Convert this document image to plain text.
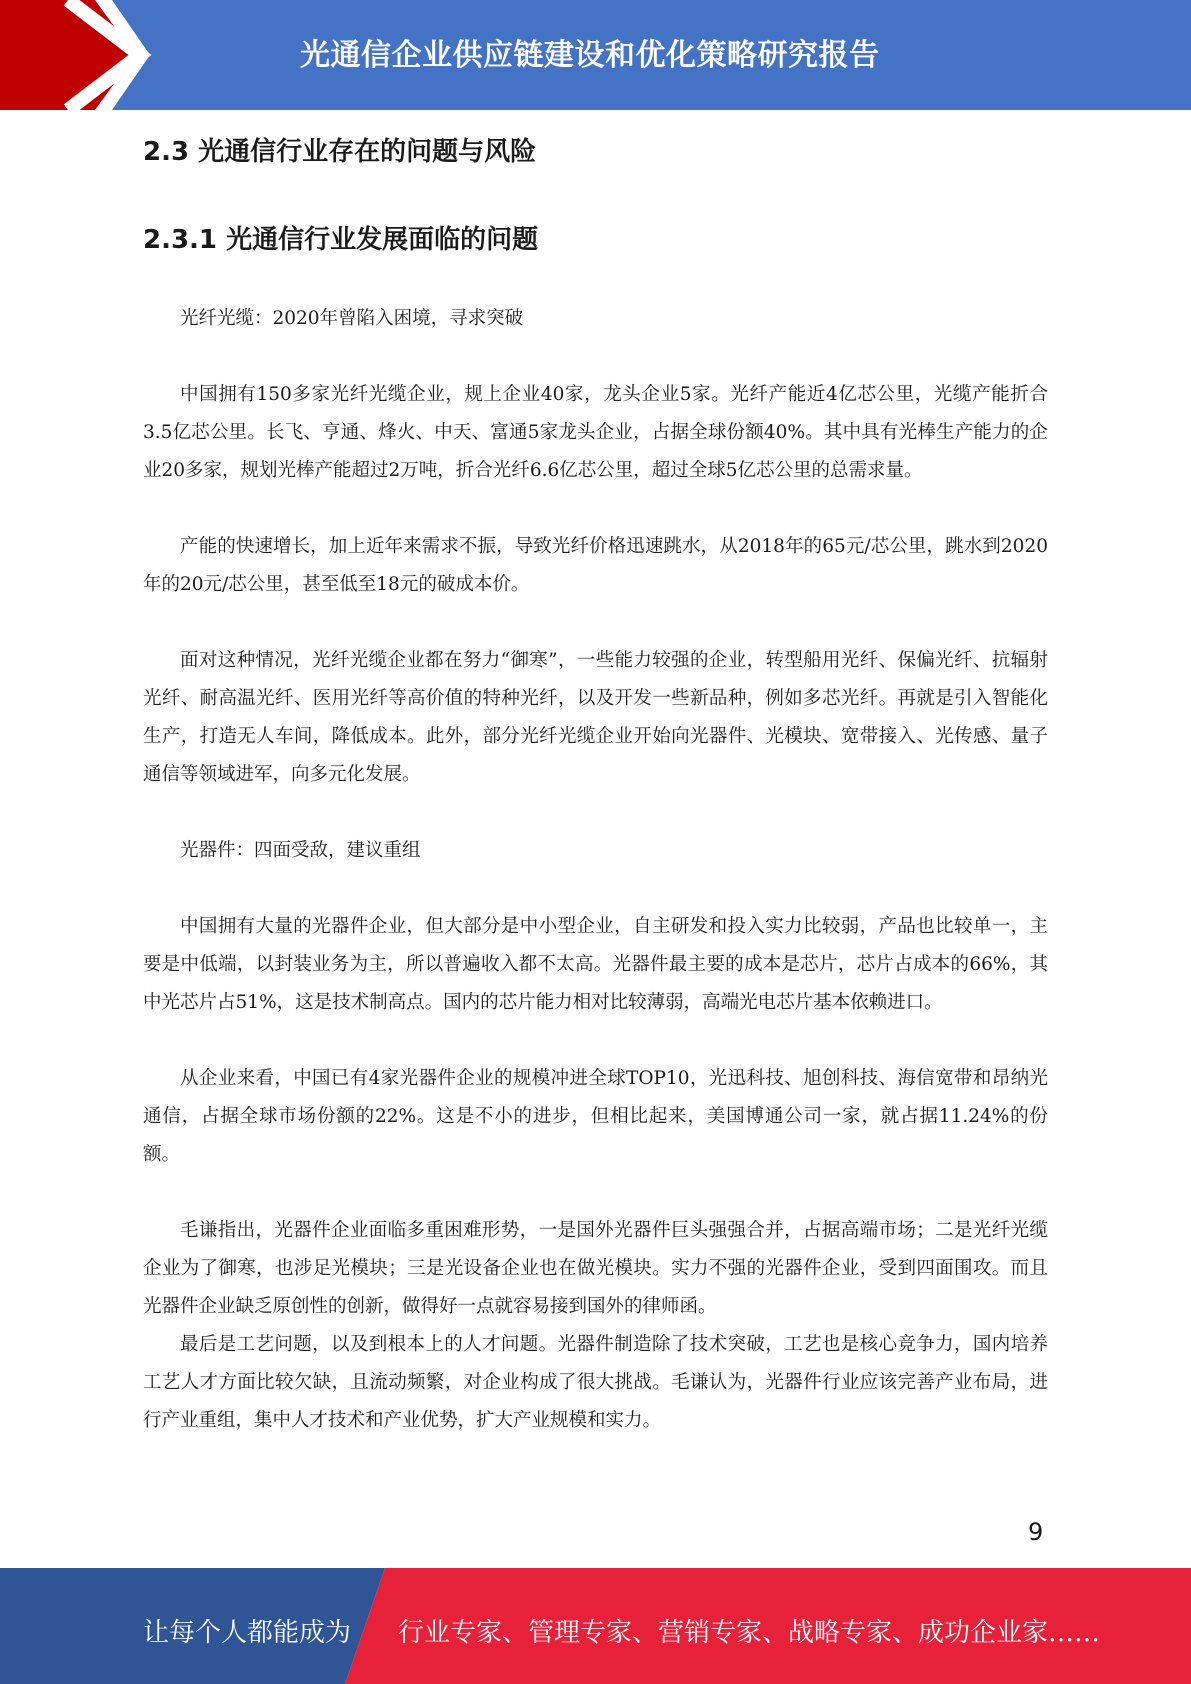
光通信企业供应链建设和优化策略研究报告
2.3 光通信行业存在的问题与风险
2.3.1 光通信行业发展面临的问题

光纤光缆：2020年曾陷入困境，寻求突破

中国拥有150多家光纤光缆企业，规上企业40家，龙头企业5家。光纤产能近4亿芯公里，光缆产能折合3.5亿芯公里。长飞、亨通、烽火、中天、富通5家龙头企业，占据全球份额40%。其中具有光棒生产能力的企业20多家，规划光棒产能超过2万吨，折合光纤6.6亿芯公里，超过全球5亿芯公里的总需求量。

产能的快速增长，加上近年来需求不振，导致光纤价格迅速跳水，从2018年的65元/芯公里，跳水到2020年的20元/芯公里，甚至低至18元的破成本价。

面对这种情况，光纤光缆企业都在努力“御寒”，一些能力较强的企业，转型船用光纤、保偏光纤、抗辐射光纤、耐高温光纤、医用光纤等高价值的特种光纤，以及开发一些新品种，例如多芯光纤。再就是引入智能化生产，打造无人车间，降低成本。此外，部分光纤光缆企业开始向光器件、光模块、宽带接入、光传感、量子通信等领域进军，向多元化发展。

光器件：四面受敌，建议重组

中国拥有大量的光器件企业，但大部分是中小型企业，自主研发和投入实力比较弱，产品也比较单一，主要是中低端，以封装业务为主，所以普遍收入都不太高。光器件最主要的成本是芯片，芯片占成本的66%，其中光芯片占51%，这是技术制高点。国内的芯片能力相对比较薄弱，高端光电芯片基本依赖进口。

从企业来看，中国已有4家光器件企业的规模冲进全球TOP10，光迅科技、旭创科技、海信宽带和昂纳光通信，占据全球市场份额的22%。这是不小的进步，但相比起来，美国博通公司一家，就占据11.24%的份额。

毛谦指出，光器件企业面临多重困难形势，一是国外光器件巨头强强合并，占据高端市场；二是光纤光缆企业为了御寒，也涉足光模块；三是光设备企业也在做光模块。实力不强的光器件企业，受到四面围攻。而且光器件企业缺乏原创性的创新，做得好一点就容易接到国外的律师函。

最后是工艺问题，以及到根本上的人才问题。光器件制造除了技术突破，工艺也是核心竞争力，国内培养工艺人才方面比较欠缺，且流动频繁，对企业构成了很大挑战。毛谦认为，光器件行业应该完善产业布局，进行产业重组，集中人才技术和产业优势，扩大产业规模和实力。

9
让每个人都能成为 行业专家、管理专家、营销专家、战略专家、成功企业家……
